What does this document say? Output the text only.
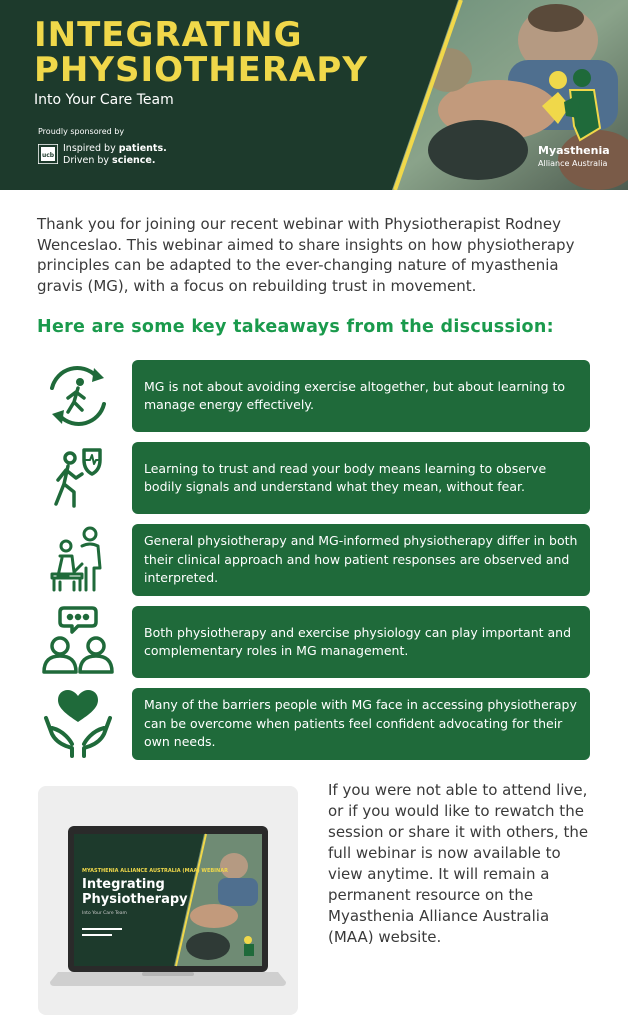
INTEGRATING
PHYSIOTHERAPY
Into Your Care Team
Proudly sponsored by
ucb
Inspired by patients.
Driven by science.
Myasthenia
Alliance Australia

Thank you for joining our recent webinar with Physiotherapist Rodney Wenceslao. This webinar aimed to share insights on how physiotherapy principles can be adapted to the ever-changing nature of myasthenia gravis (MG), with a focus on rebuilding trust in movement.

Here are some key takeaways from the discussion:
MG is not about avoiding exercise altogether, but about learning to manage energy effectively.
Learning to trust and read your body means learning to observe bodily signals and understand what they mean, without fear.
General physiotherapy and MG-informed physiotherapy differ in both their clinical approach and how patient responses are observed and interpreted.
Both physiotherapy and exercise physiology can play important and complementary roles in MG management.
Many of the barriers people with MG face in accessing physiotherapy can be overcome when patients feel confident advocating for their own needs.
MYASTHENIA ALLIANCE AUSTRALIA (MAA) WEBINAR
Integrating
Physiotherapy
Into Your Care Team

If you were not able to attend live, or if you would like to rewatch the session or share it with others, the full webinar is now available to view anytime. It will remain a permanent resource on the Myasthenia Alliance Australia (MAA) website.
